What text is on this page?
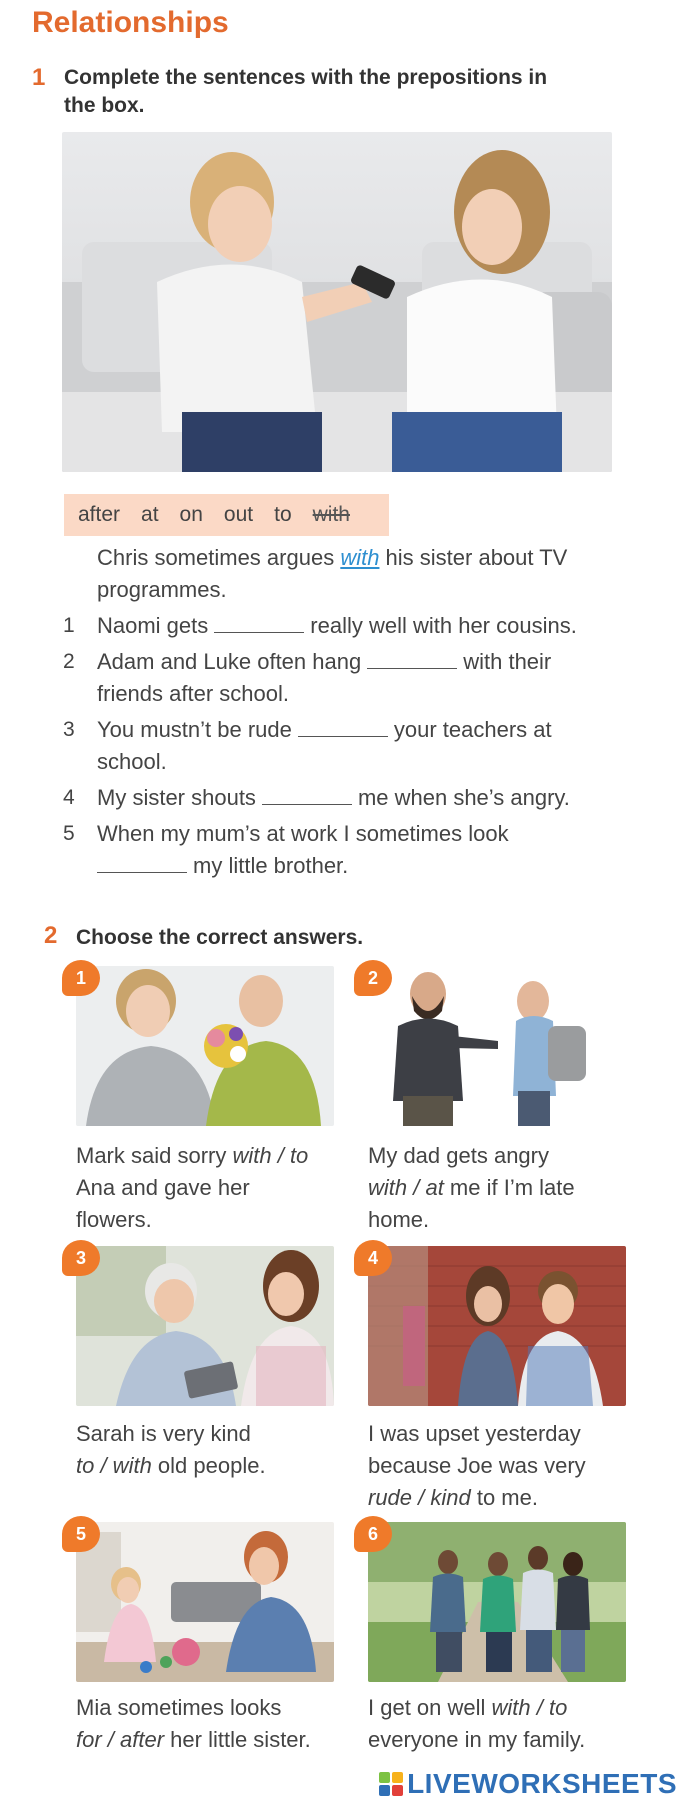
Relationships
1 Complete the sentences with the prepositions in
the box.
after at on out to with
Chris sometimes argues with his sister about TV
programmes.
1 Naomi gets	really well with her cousins.
2 Adam and Luke often hang	with their
friends after school.
3 You mustn’t be rude	your teachers at
school.
4 My sister shouts	me when she’s angry.
5 When my mum’s at work I sometimes look
my little brother.
2 Choose the correct answers.
1
Mark said sorry with / to
Ana and gave her
flowers.
2
My dad gets angry
with / at me if I’m late
home.
3
Sarah is very kind
to / with old people.
4
I was upset yesterday
because Joe was very
rude / kind to me.
5
Mia sometimes looks
for / after her little sister.
6
I get on well with / to
everyone in my family.
LIVEWORKSHEETS
